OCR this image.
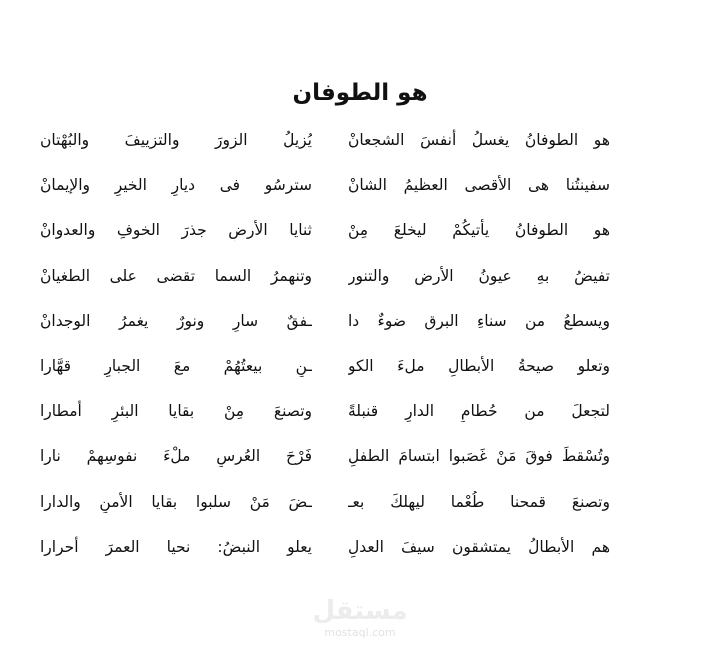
هو الطوفان
هو الطوفانُ يغسلُ أنفسَ الشجعانْ
يُزيلُ الزورَ والتزييفَ والبُهْتان
سفينتُنا هى الأقصى العظيمُ الشانْ
سترسُو فى ديارِ الخيرِ والإيمانْ
هو الطوفانُ يأتيكُمْ ليخلعَ مِنْ
ثنايا الأرضِ جذرَ الخوفِ والعدوانْ
تفيضُ بهِ عيونُ الأرض والتنور
وتنهمرُ السما تقضى على الطغيانْ
ويسطعُ من سناءِ البرق ضوءٌ دا
ـفقٌ سارٍ ونورٌ يغمرُ الوجدانْ
وتعلو صيحةُ الأبطالِ ملءَ الكو
ـنِ بيعتُهُمْ معَ الجبارِ قهَّارا
لتجعلَ من حُطامِ الدارِ قنبلةً
وتصنعَ مِنْ بقايا البئرِ أمطارا
وتُسْقطَ فوقَ مَنْ غَصَبوا ابتسامَ الطفلِ
فَرْحَ العُرسِ ملْءَ نفوسِهمْ نارا
وتصنعَ قمحنا طُعْما ليهلكَ بعـ
ـضَ مَنْ سلبوا بقايا الأمنِ والدارا
هم الأبطالُ يمتشقون سيفَ العدلِ
يعلو النبضُ: نحيا العمرَ أحرارا
مستقل
mostaql.com
